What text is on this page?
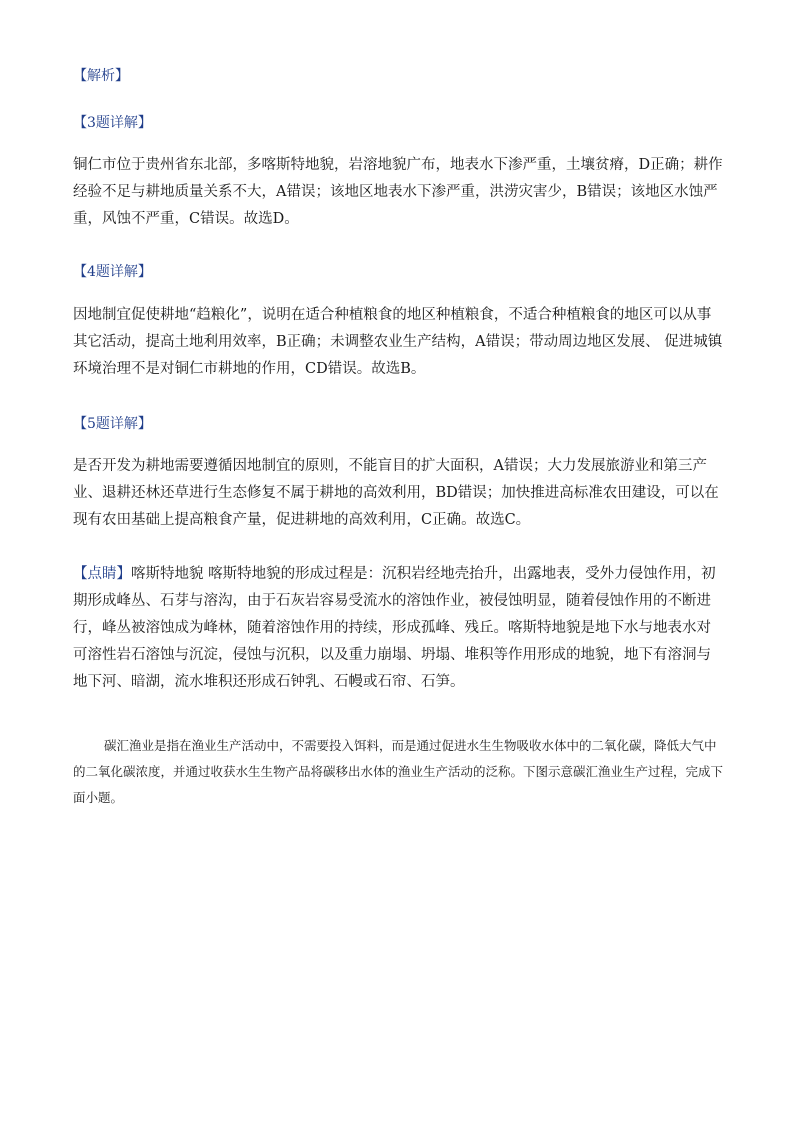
【解析】
【3题详解】

铜仁市位于贵州省东北部，多喀斯特地貌，岩溶地貌广布，地表水下渗严重，土壤贫瘠，D正确；耕作经验不足与耕地质量关系不大，A错误；该地区地表水下渗严重，洪涝灾害少，B错误；该地区水蚀严重，风蚀不严重，C错误。故选D。

【4题详解】

因地制宜促使耕地“趋粮化”，说明在适合种植粮食的地区种植粮食，不适合种植粮食的地区可以从事其它活动，提高土地利用效率，B正确；未调整农业生产结构，A错误；带动周边地区发展、 促进城镇环境治理不是对铜仁市耕地的作用，CD错误。故选B。

【5题详解】

是否开发为耕地需要遵循因地制宜的原则，不能盲目的扩大面积，A错误；大力发展旅游业和第三产业、退耕还林还草进行生态修复不属于耕地的高效利用，BD错误；加快推进高标准农田建设，可以在现有农田基础上提高粮食产量，促进耕地的高效利用，C正确。故选C。

【点睛】喀斯特地貌 喀斯特地貌的形成过程是：沉积岩经地壳抬升，出露地表，受外力侵蚀作用，初期形成峰丛、石芽与溶沟，由于石灰岩容易受流水的溶蚀作业，被侵蚀明显，随着侵蚀作用的不断进行，峰丛被溶蚀成为峰林，随着溶蚀作用的持续，形成孤峰、残丘。喀斯特地貌是地下水与地表水对可溶性岩石溶蚀与沉淀，侵蚀与沉积，以及重力崩塌、坍塌、堆积等作用形成的地貌，地下有溶洞与地下河、暗湖，流水堆积还形成石钟乳、石幔或石帘、石笋。

碳汇渔业是指在渔业生产活动中，不需要投入饵料，而是通过促进水生生物吸收水体中的二氧化碳，降低大气中的二氧化碳浓度，并通过收获水生生物产品将碳移出水体的渔业生产活动的泛称。下图示意碳汇渔业生产过程，完成下面小题。
